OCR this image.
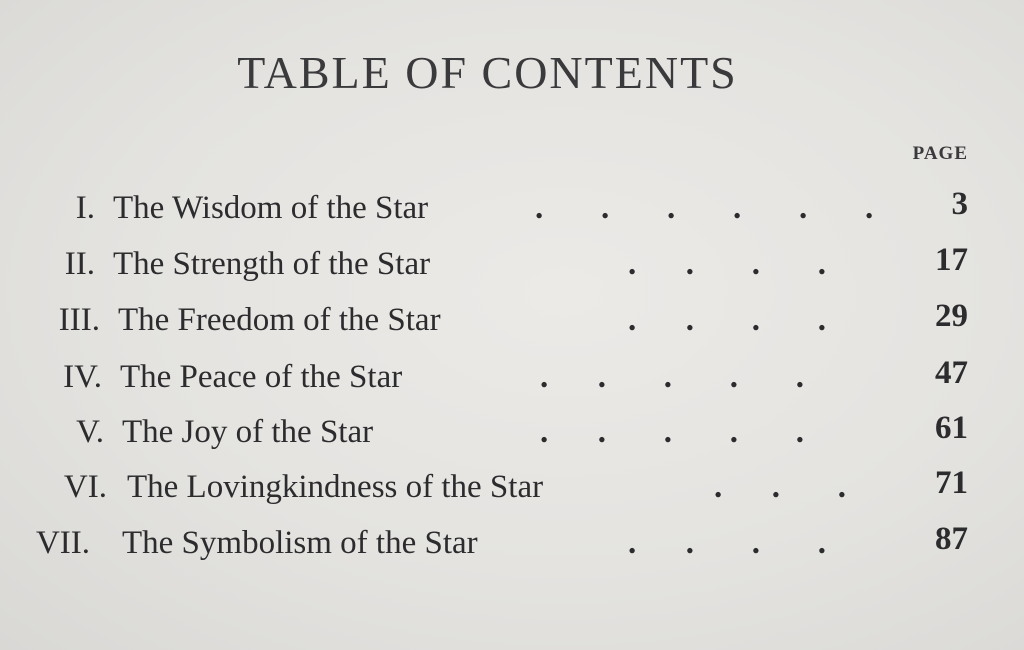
TABLE OF CONTENTS
PAGE
I. The Wisdom of the Star	.       .       .       .       .       . 3
II. The Strength of the Star	.      .       .       .	17
III. The Freedom of the Star	.      .       .       .	29
IV. The Peace of the Star	.      .       .       .       .	47
V. The Joy of the Star	.      .       .       .       .	61
VI. The Lovingkindness of the Star	.      .       .	71
VII. The Symbolism of the Star	.      .       .       .	87
